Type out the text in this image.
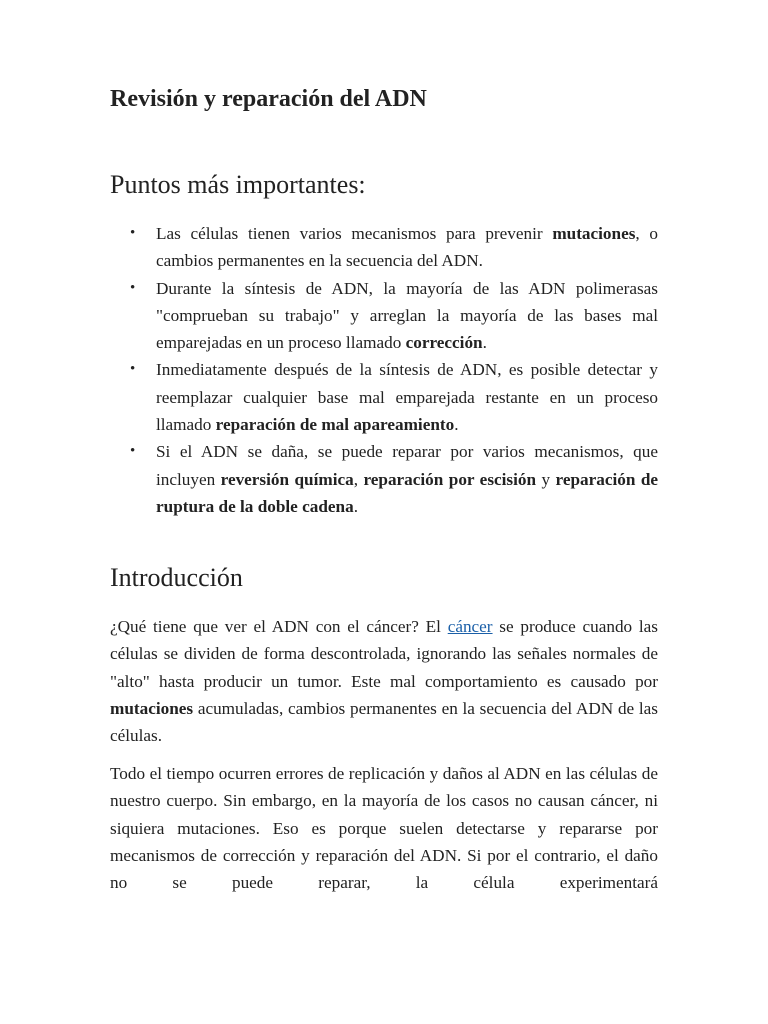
Revisión y reparación del ADN
Puntos más importantes:
• Las células tienen varios mecanismos para prevenir mutaciones, o cambios permanentes en la secuencia del ADN.
• Durante la síntesis de ADN, la mayoría de las ADN polimerasas "comprueban su trabajo" y arreglan la mayoría de las bases mal emparejadas en un proceso llamado corrección.
• Inmediatamente después de la síntesis de ADN, es posible detectar y reemplazar cualquier base mal emparejada restante en un proceso llamado reparación de mal apareamiento.
• Si el ADN se daña, se puede reparar por varios mecanismos, que incluyen reversión química, reparación por escisión y reparación de ruptura de la doble cadena.
Introducción

¿Qué tiene que ver el ADN con el cáncer? El cáncer se produce cuando las células se dividen de forma descontrolada, ignorando las señales normales de "alto" hasta producir un tumor. Este mal comportamiento es causado por mutaciones acumuladas, cambios permanentes en la secuencia del ADN de las células.

Todo el tiempo ocurren errores de replicación y daños al ADN en las células de nuestro cuerpo. Sin embargo, en la mayoría de los casos no causan cáncer, ni siquiera mutaciones. Eso es porque suelen detectarse y repararse por mecanismos de corrección y reparación del ADN. Si por el contrario, el daño no se puede reparar, la célula experimentará
